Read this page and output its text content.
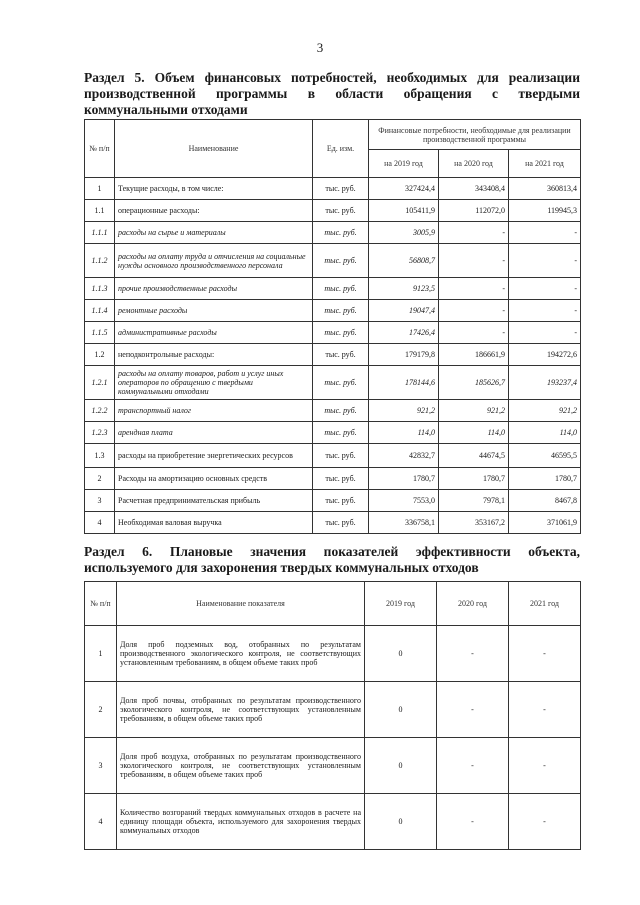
3
Раздел 5. Объем финансовых потребностей, необходимых для реализации производственной программы в области обращения с твердыми коммунальными отходами
№ п/п	Наименование	Ед. изм.	Финансовые потребности, необходимые для реализации производственной программы		
			на 2019 год	на 2020 год	на 2021 год
1	Текущие расходы, в том числе:	тыс. руб.	327424,4	343408,4	360813,4
1.1	операционные расходы:	тыс. руб.	105411,9	112072,0	119945,3
1.1.1	расходы на сырье и материалы	тыс. руб.	3005,9	-	-
1.1.2	расходы на оплату труда и отчисления на социальные нужды основного производственного персонала	тыс. руб.	56808,7	-	-
1.1.3	прочие производственные расходы	тыс. руб.	9123,5	-	-
1.1.4	ремонтные расходы	тыс. руб.	19047,4	-	-
1.1.5	административные расходы	тыс. руб.	17426,4	-	-
1.2	неподконтрольные расходы:	тыс. руб.	179179,8	186661,9	194272,6
1.2.1	расходы на оплату товаров, работ и услуг иных операторов по обращению с твердыми коммунальными отходами	тыс. руб.	178144,6	185626,7	193237,4
1.2.2	транспортный налог	тыс. руб.	921,2	921,2	921,2
1.2.3	арендная плата	тыс. руб.	114,0	114,0	114,0
1.3	расходы на приобретение энергетических ресурсов	тыс. руб.	42832,7	44674,5	46595,5
2	Расходы на амортизацию основных средств	тыс. руб.	1780,7	1780,7	1780,7
3	Расчетная предпринимательская прибыль	тыс. руб.	7553,0	7978,1	8467,8
4	Необходимая валовая выручка	тыс. руб.	336758,1	353167,2	371061,9
Раздел 6. Плановые значения показателей эффективности объекта, используемого для захоронения твердых коммунальных отходов
№ п/п	Наименование показателя	2019 год	2020 год	2021 год
1	Доля проб подземных вод, отобранных по результатам производственного экологического контроля, не соответствующих установленным требованиям, в общем объеме таких проб	0	-	-
2	Доля проб почвы, отобранных по результатам производственного экологического контроля, не соответствующих установленным требованиям, в общем объеме таких проб	0	-	-
3	Доля проб воздуха, отобранных по результатам производственного экологического контроля, не соответствующих установленным требованиям, в общем объеме таких проб	0	-	-
4	Количество возгораний твердых коммунальных отходов в расчете на единицу площади объекта, используемого для захоронения твердых коммунальных отходов	0	-	-
